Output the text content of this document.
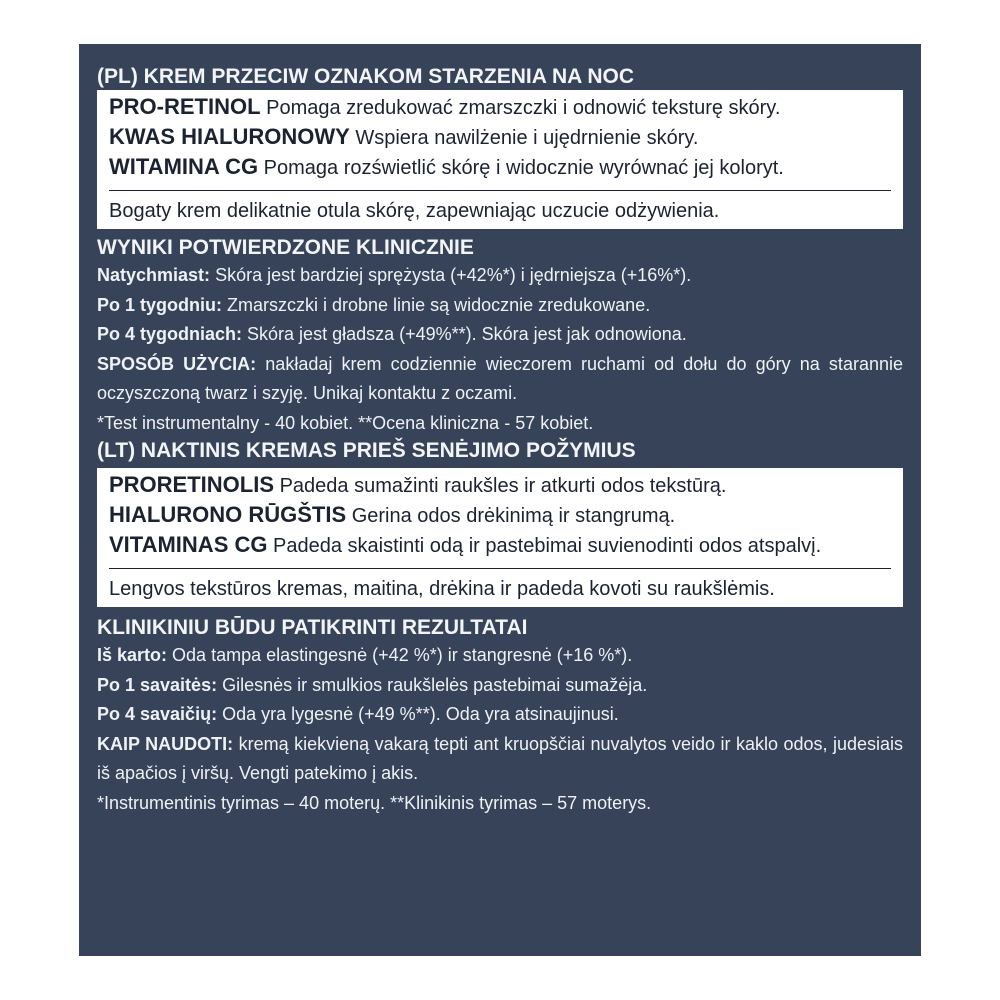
(PL) KREM PRZECIW OZNAKOM STARZENIA NA NOC
PRO-RETINOL Pomaga zredukować zmarszczki i odnowić teksturę skóry.
KWAS HIALURONOWY Wspiera nawilżenie i ujędrnienie skóry.
WITAMINA CG Pomaga rozświetlić skórę i widocznie wyrównać jej koloryt.
Bogaty krem delikatnie otula skórę, zapewniając uczucie odżywienia.
WYNIKI POTWIERDZONE KLINICZNIE
Natychmiast: Skóra jest bardziej sprężysta (+42%*) i jędrniejsza (+16%*).
Po 1 tygodniu: Zmarszczki i drobne linie są widocznie zredukowane.
Po 4 tygodniach: Skóra jest gładsza (+49%**). Skóra jest jak odnowiona.
SPOSÓB UŻYCIA: nakładaj krem codziennie wieczorem ruchami od dołu do góry na starannie oczyszczoną twarz i szyję. Unikaj kontaktu z oczami.
*Test instrumentalny - 40 kobiet. **Ocena kliniczna - 57 kobiet.
(LT) NAKTINIS KREMAS PRIEŠ SENĖJIMO POŽYMIUS
PRORETINOLIS Padeda sumažinti raukšles ir atkurti odos tekstūrą.
HIALURONO RŪGŠTIS Gerina odos drėkinimą ir stangrumą.
VITAMINAS CG Padeda skaistinti odą ir pastebimai suvienodinti odos atspalvį.
Lengvos tekstūros kremas, maitina, drėkina ir padeda kovoti su raukšlėmis.
KLINIKINIU BŪDU PATIKRINTI REZULTATAI
Iš karto: Oda tampa elastingesnė (+42 %*) ir stangresnė (+16 %*).
Po 1 savaitės: Gilesnės ir smulkios raukšlelės pastebimai sumažėja.
Po 4 savaičių: Oda yra lygesnė (+49 %**). Oda yra atsinaujinusi.
KAIP NAUDOTI: kremą kiekvieną vakarą tepti ant kruopščiai nuvalytos veido ir kaklo odos, judesiais iš apačios į viršų. Vengti patekimo į akis.
*Instrumentinis tyrimas – 40 moterų. **Klinikinis tyrimas – 57 moterys.
